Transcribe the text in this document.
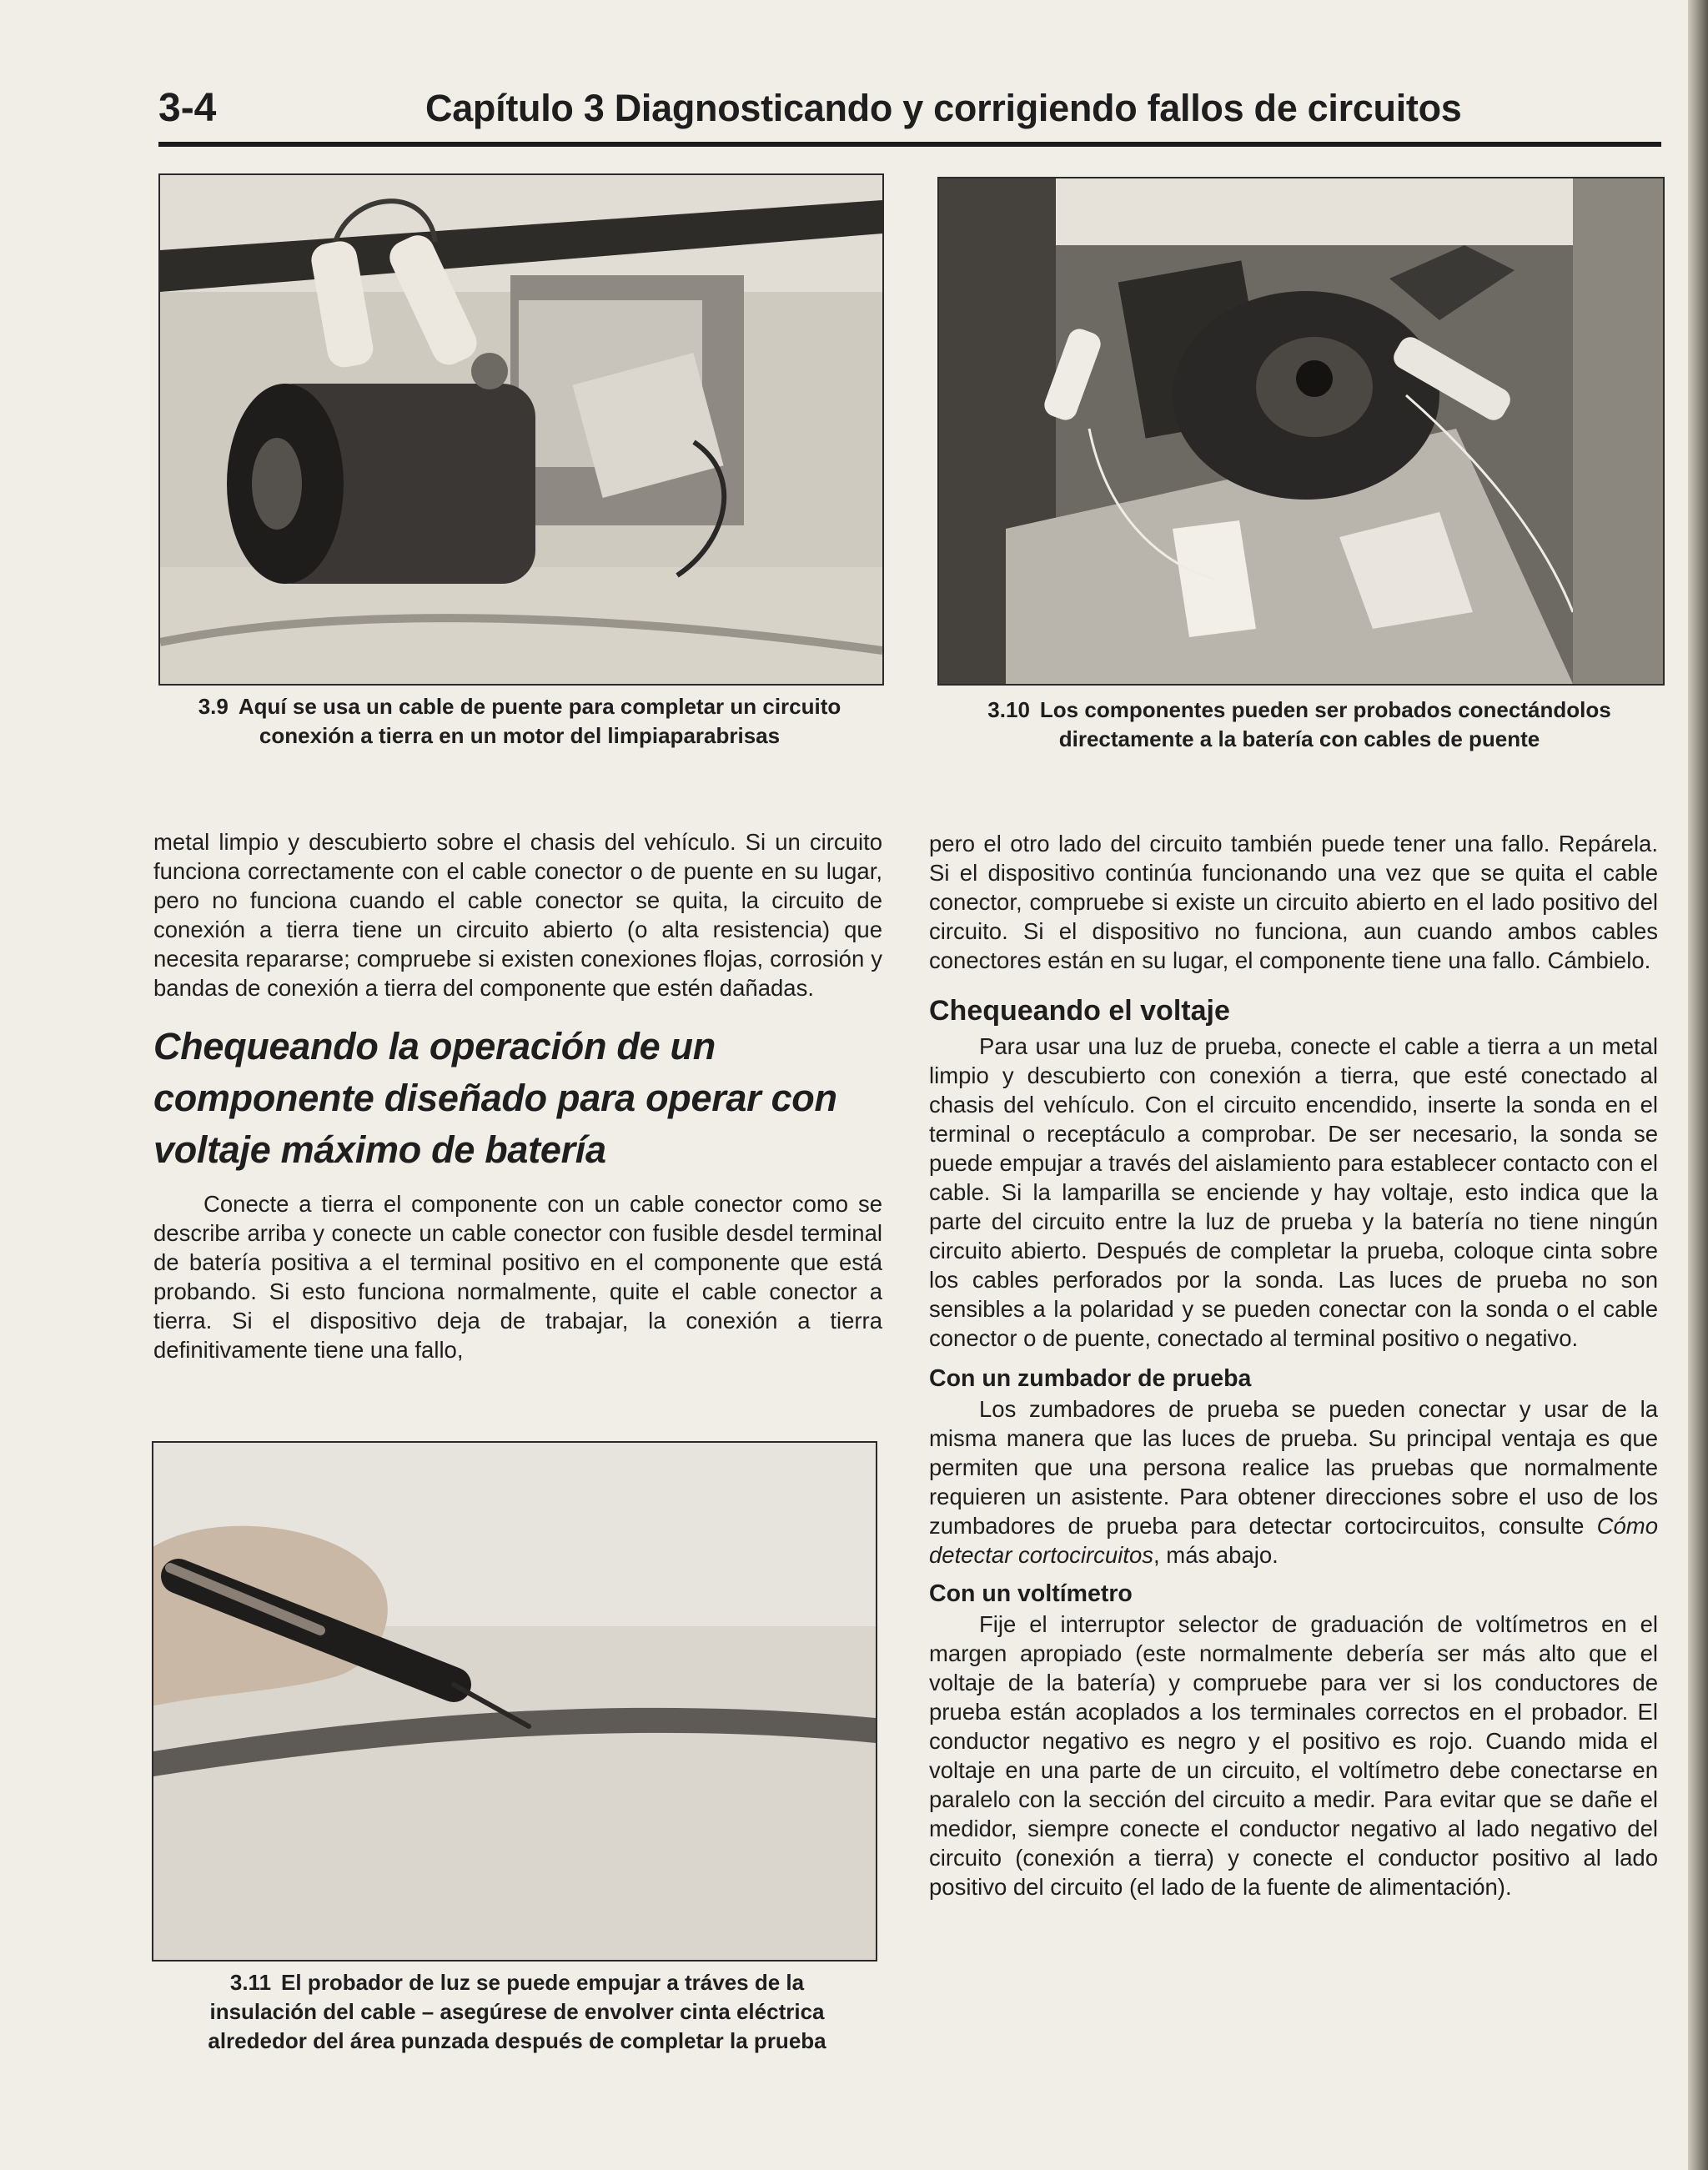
3-4	Capítulo 3 Diagnosticando y corrigiendo fallos de circuitos
3.9 Aquí se usa un cable de puente para completar un circuito conexión a tierra en un motor del limpiaparabrisas
3.10 Los componentes pueden ser probados conectándolos directamente a la batería con cables de puente

metal limpio y descubierto sobre el chasis del vehículo. Si un circuito funciona correctamente con el cable conector o de puente en su lugar, pero no funciona cuando el cable conector se quita, la circuito de conexión a tierra tiene un circuito abierto (o alta resistencia) que necesita repararse; compruebe si existen conexiones flojas, corrosión y bandas de conexión a tierra del componente que estén dañadas.

Chequeando la operación de un componente diseñado para operar con voltaje máximo de batería

Conecte a tierra el componente con un cable conector como se describe arriba y conecte un cable conector con fusible desdel terminal de batería positiva a el terminal positivo en el componente que está probando. Si esto funciona normalmente, quite el cable conector a tierra. Si el dispositivo deja de trabajar, la conexión a tierra definitivamente tiene una fallo,

3.11 El probador de luz se puede empujar a tráves de la insulación del cable – asegúrese de envolver cinta eléctrica alrededor del área punzada después de completar la prueba

pero el otro lado del circuito también puede tener una fallo. Repárela. Si el dispositivo continúa funcionando una vez que se quita el cable conector, compruebe si existe un circuito abierto en el lado positivo del circuito. Si el dispositivo no funciona, aun cuando ambos cables conectores están en su lugar, el componente tiene una fallo. Cámbielo.

Chequeando el voltaje

Para usar una luz de prueba, conecte el cable a tierra a un metal limpio y descubierto con conexión a tierra, que esté conectado al chasis del vehículo. Con el circuito encendido, inserte la sonda en el terminal o receptáculo a comprobar. De ser necesario, la sonda se puede empujar a través del aislamiento para establecer contacto con el cable. Si la lamparilla se enciende y hay voltaje, esto indica que la parte del circuito entre la luz de prueba y la batería no tiene ningún circuito abierto. Después de completar la prueba, coloque cinta sobre los cables perforados por la sonda. Las luces de prueba no son sensibles a la polaridad y se pueden conectar con la sonda o el cable conector o de puente, conectado al terminal positivo o negativo.

Con un zumbador de prueba

Los zumbadores de prueba se pueden conectar y usar de la misma manera que las luces de prueba. Su principal ventaja es que permiten que una persona realice las pruebas que normalmente requieren un asistente. Para obtener direcciones sobre el uso de los zumbadores de prueba para detectar cortocircuitos, consulte Cómo detectar cortocircuitos, más abajo.

Con un voltímetro

Fije el interruptor selector de graduación de voltímetros en el margen apropiado (este normalmente debería ser más alto que el voltaje de la batería) y compruebe para ver si los conductores de prueba están acoplados a los terminales correctos en el probador. El conductor negativo es negro y el positivo es rojo. Cuando mida el voltaje en una parte de un circuito, el voltímetro debe conectarse en paralelo con la sección del circuito a medir. Para evitar que se dañe el medidor, siempre conecte el conductor negativo al lado negativo del circuito (conexión a tierra) y conecte el conductor positivo al lado positivo del circuito (el lado de la fuente de alimentación).
